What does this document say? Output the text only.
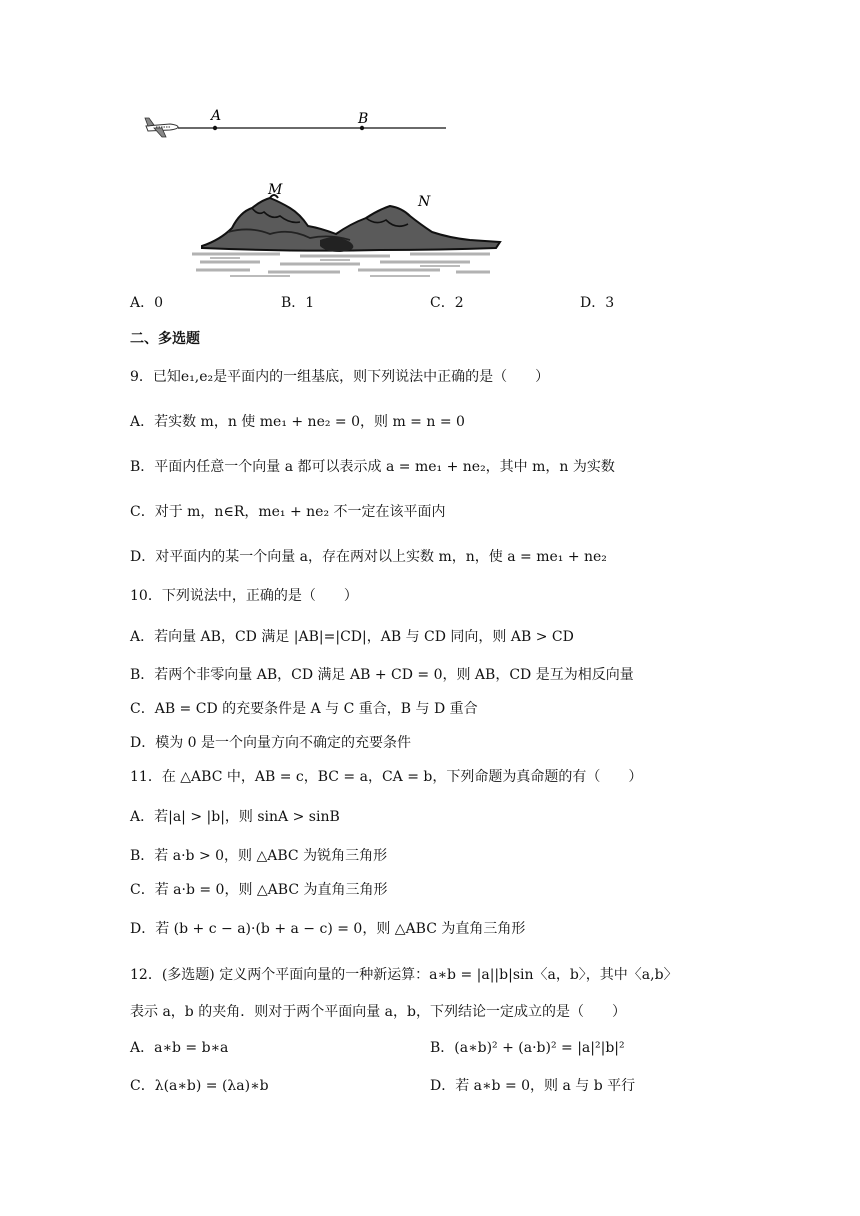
A	B
M
N
A．0	B．1	C．2	D．3
二、多选题
9．已知e₁,e₂是平面内的一组基底，则下列说法中正确的是（　　）
A．若实数 m，n 使 me₁ + ne₂ = 0，则 m = n = 0
B．平面内任意一个向量 a 都可以表示成 a = me₁ + ne₂，其中 m，n 为实数
C．对于 m，n∈R，me₁ + ne₂ 不一定在该平面内
D．对平面内的某一个向量 a，存在两对以上实数 m，n，使 a = me₁ + ne₂
10．下列说法中，正确的是（　　）
A．若向量 AB，CD 满足 |AB|=|CD|，AB 与 CD 同向，则 AB > CD
B．若两个非零向量 AB，CD 满足 AB + CD = 0，则 AB，CD 是互为相反向量
C．AB = CD 的充要条件是 A 与 C 重合，B 与 D 重合
D．模为 0 是一个向量方向不确定的充要条件
11．在 △ABC 中，AB = c，BC = a，CA = b，下列命题为真命题的有（　　）
A．若|a| > |b|，则 sinA > sinB
B．若 a·b > 0，则 △ABC 为锐角三角形
C．若 a·b = 0，则 △ABC 为直角三角形
D．若 (b + c − a)·(b + a − c) = 0，则 △ABC 为直角三角形
12．(多选题) 定义两个平面向量的一种新运算：a∗b = |a||b|sin〈a，b〉，其中〈a,b〉
表示 a，b 的夹角．则对于两个平面向量 a，b，下列结论一定成立的是（　　）
A．a∗b = b∗a	B．(a∗b)² + (a·b)² = |a|²|b|²
C．λ(a∗b) = (λa)∗b	D．若 a∗b = 0，则 a 与 b 平行
